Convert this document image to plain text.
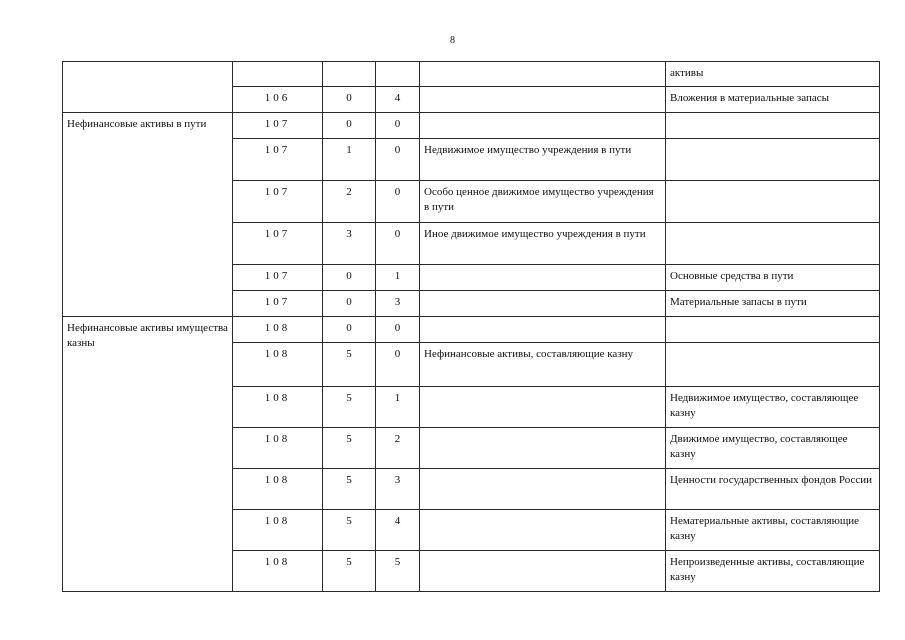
8
					активы
	106	0	4		Вложения в материальные запасы
Нефинансовые активы в пути	107	0	0		
	107	1	0	Недвижимое имущество учреждения в пути	
	107	2	0	Особо ценное движимое имущество учреждения в пути	
	107	3	0	Иное движимое имущество учреждения в пути	
	107	0	1		Основные средства в пути
	107	0	3		Материальные запасы в пути
Нефинансовые активы имущества казны	108	0	0		
	108	5	0	Нефинансовые активы, составляющие казну	
	108	5	1		Недвижимое имущество, составляющее казну
	108	5	2		Движимое имущество, составляющее казну
	108	5	3		Ценности государственных фондов России
	108	5	4		Нематериальные активы, составляющие казну
	108	5	5		Непроизведенные активы, составляющие казну
